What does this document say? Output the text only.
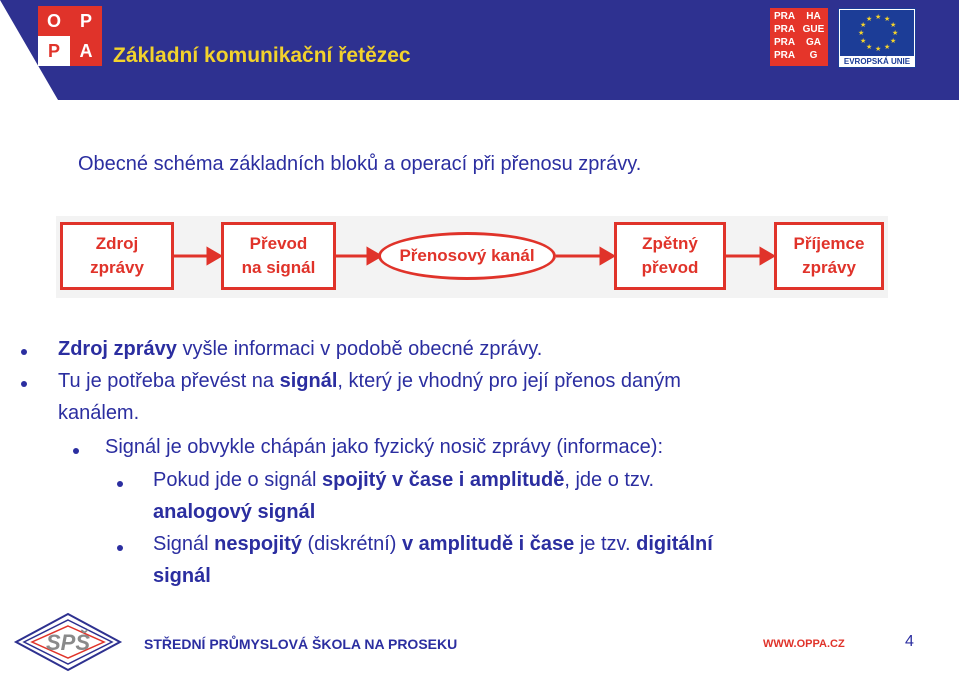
O	P
P	A Základní komunikační řetězec
PRA	HA
PRA GUE
PRA	GA
PRA	G
★ ★
★
★
★
★
★
★
★
★
★
★
EVROPSKÁ UNIE
Obecné schéma základních bloků a operací při přenosu zprávy.
Zdroj
zprávy
Převod
na signál
Přenosový kanál
Zpětný
převod
Příjemce
zprávy
Zdroj zprávy vyšle informaci v podobě obecné zprávy.
Tu je potřeba převést na signál, který je vhodný pro její přenos daným
kanálem.
Signál je obvykle chápán jako fyzický nosič zprávy (informace):
Pokud jde o signál spojitý v čase i amplitudě, jde o tzv.
analogový signál
Signál nespojitý (diskrétní) v amplitudě i čase je tzv. digitální
signál
SPŠ	STŘEDNÍ PRŮMYSLOVÁ ŠKOLA NA PROSEKU	WWW.OPPA.CZ	4
